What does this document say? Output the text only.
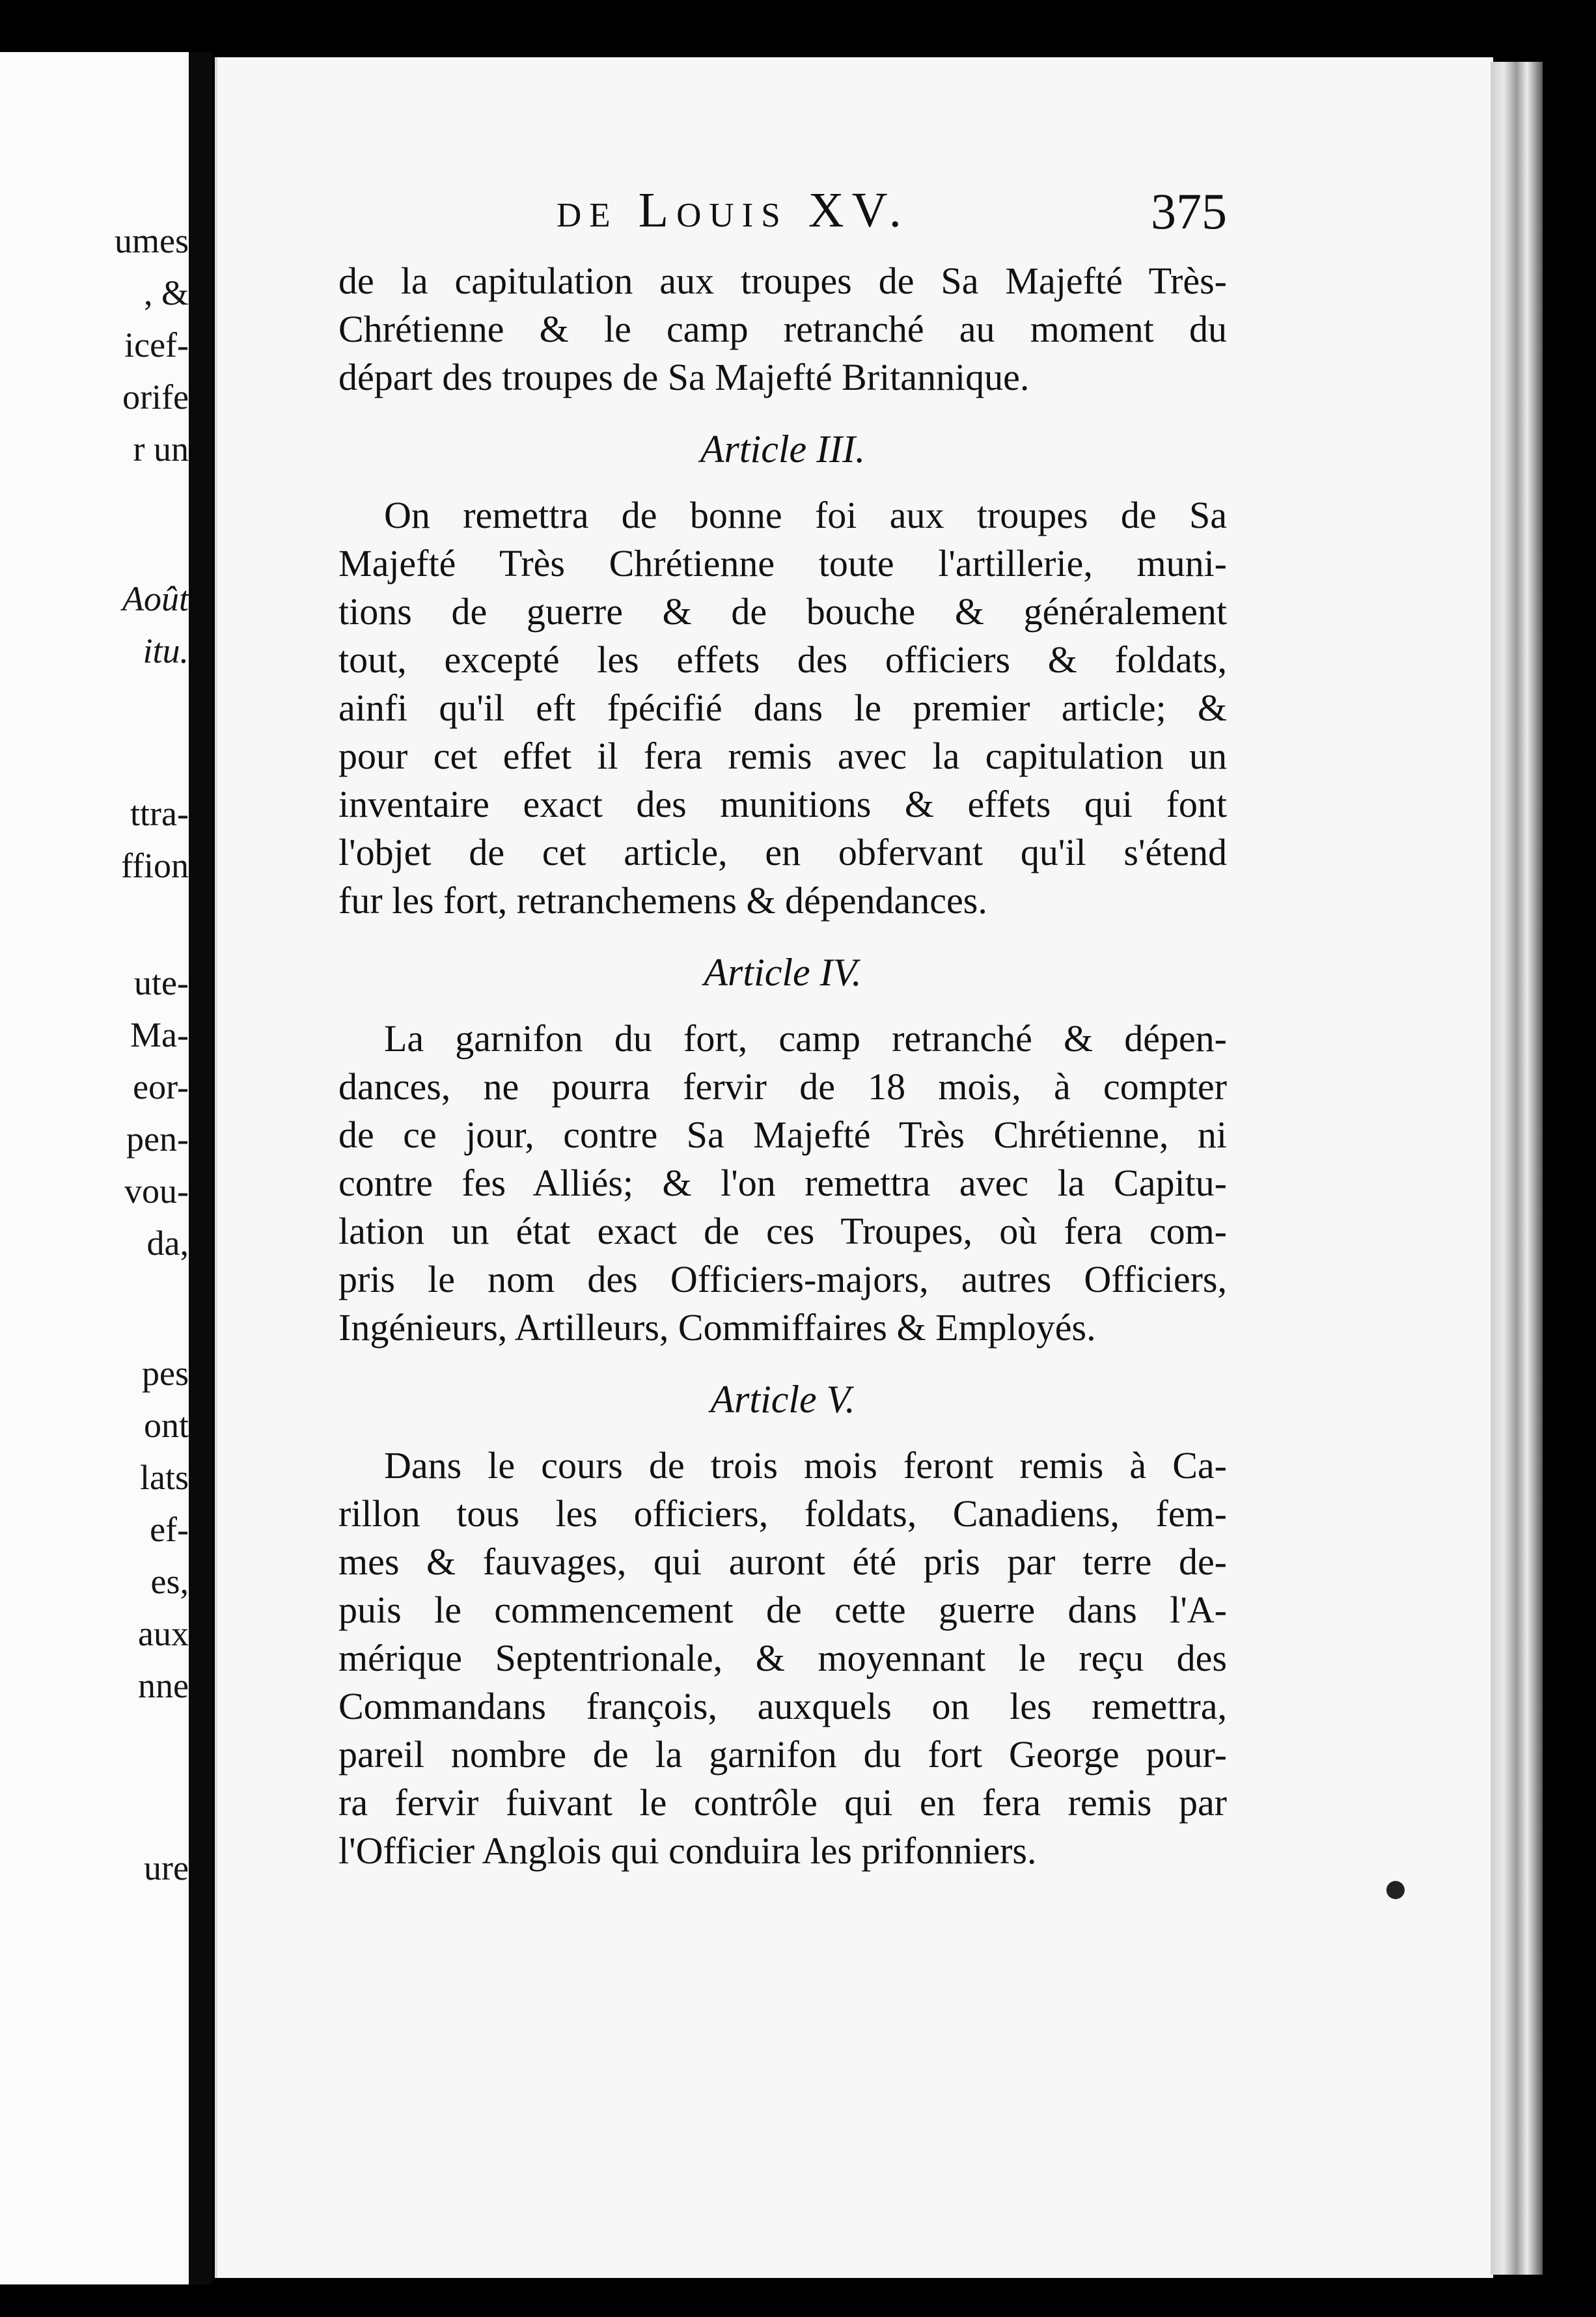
umes
, &
icef-
orife
r un
Août
itu.
ttra-
ffion
ute-
Ma-
eor-
pen-
vou-
da,
pes
ont
lats
ef-
es,
aux
nne
ure
de Louis XV.	375
de la capitulation aux troupes de Sa Majefté Très-
Chrétienne & le camp retranché au moment du
départ des troupes de Sa Majefté Britannique.
Article III.
On remettra de bonne foi aux troupes de Sa
Majefté Très Chrétienne toute l'artillerie, muni-
tions de guerre & de bouche & généralement
tout, excepté les effets des officiers & foldats,
ainfi qu'il eft fpécifié dans le premier article; &
pour cet effet il fera remis avec la capitulation un
inventaire exact des munitions & effets qui font
l'objet de cet article, en obfervant qu'il s'étend
fur les fort, retranchemens & dépendances.
Article IV.
La garnifon du fort, camp retranché & dépen-
dances, ne pourra fervir de 18 mois, à compter
de ce jour, contre Sa Majefté Très Chrétienne, ni
contre fes Alliés; & l'on remettra avec la Capitu-
lation un état exact de ces Troupes, où fera com-
pris le nom des Officiers-majors, autres Officiers,
Ingénieurs, Artilleurs, Commiffaires & Employés.
Article V.
Dans le cours de trois mois feront remis à Ca-
rillon tous les officiers, foldats, Canadiens, fem-
mes & fauvages, qui auront été pris par terre de-
puis le commencement de cette guerre dans l'A-
mérique Septentrionale, & moyennant le reçu des
Commandans françois, auxquels on les remettra,
pareil nombre de la garnifon du fort George pour-
ra fervir fuivant le contrôle qui en fera remis par
l'Officier Anglois qui conduira les prifonniers.
